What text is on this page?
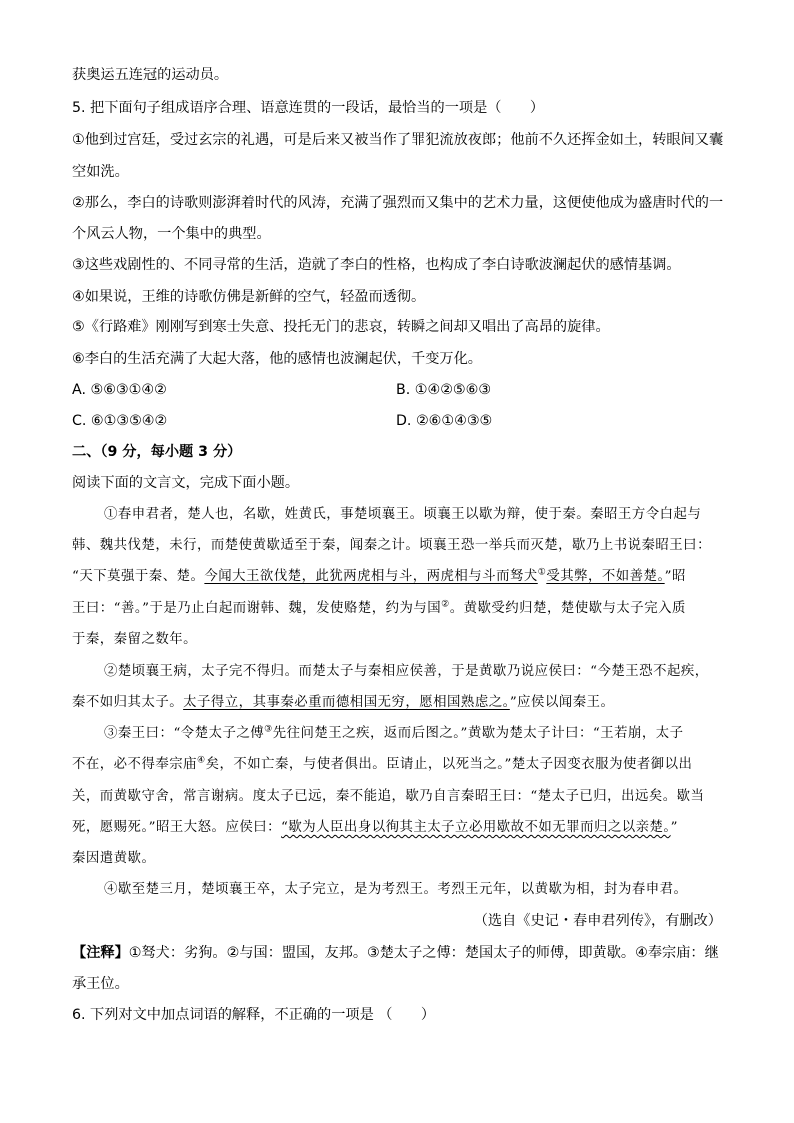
获奥运五连冠的运动员。
5. 把下面句子组成语序合理、语意连贯的一段话，最恰当的一项是（　　）
①他到过宫廷，受过玄宗的礼遇，可是后来又被当作了罪犯流放夜郎；他前不久还挥金如土，转眼间又囊
空如洗。
②那么，李白的诗歌则澎湃着时代的风涛，充满了强烈而又集中的艺术力量，这便使他成为盛唐时代的一
个风云人物，一个集中的典型。
③这些戏剧性的、不同寻常的生活，造就了李白的性格，也构成了李白诗歌波澜起伏的感情基调。
④如果说，王维的诗歌仿佛是新鲜的空气，轻盈而透彻。
⑤《行路难》刚刚写到寒士失意、投托无门的悲哀，转瞬之间却又唱出了高昂的旋律。
⑥李白的生活充满了大起大落，他的感情也波澜起伏，千变万化。
A. ⑤⑥③①④②	B. ①④②⑤⑥③
C. ⑥①③⑤④②	D. ②⑥①④③⑤
二、（9 分，每小题 3 分）
阅读下面的文言文，完成下面小题。
①春申君者，楚人也，名歇，姓黄氏，事楚顷襄王。顷襄王以歇为辩，使于秦。秦昭王方令白起与
韩、魏共伐楚，未行，而楚使黄歇适至于秦，闻秦之计。顷襄王恐一举兵而灭楚，歇乃上书说秦昭王曰：
“天下莫强于秦、楚。今闻大王欲伐楚，此犹两虎相与斗，两虎相与斗而驽犬①受其弊，不如善楚。”昭
王曰：“善。”于是乃止白起而谢韩、魏，发使赂楚，约为与国②。黄歇受约归楚，楚使歇与太子完入质
于秦，秦留之数年。
②楚顷襄王病，太子完不得归。而楚太子与秦相应侯善，于是黄歇乃说应侯曰：“今楚王恐不起疾，
秦不如归其太子。太子得立，其事秦必重而德相国无穷，愿相国熟虑之。”应侯以闻秦王。
③秦王曰：“令楚太子之傅③先往问楚王之疾，返而后图之。”黄歇为楚太子计曰：“王若崩，太子
不在，必不得奉宗庙④矣，不如亡秦，与使者俱出。臣请止，以死当之。”楚太子因变衣服为使者御以出
关，而黄歇守舍，常言谢病。度太子已远，秦不能追，歇乃自言秦昭王曰：“楚太子已归，出远矣。歇当
死，愿赐死。”昭王大怒。应侯曰：“歇为人臣出身以徇其主太子立必用歇故不如无罪而归之以亲楚。”
秦因遣黄歇。
④歇至楚三月，楚顷襄王卒，太子完立，是为考烈王。考烈王元年，以黄歇为相，封为春申君。
（选自《史记・春申君列传》，有删改）
【注释】①驽犬：劣狗。②与国：盟国，友邦。③楚太子之傅：楚国太子的师傅，即黄歇。④奉宗庙：继
承王位。
6. 下列对文中加点词语的解释，不正确的一项是 （　　）
